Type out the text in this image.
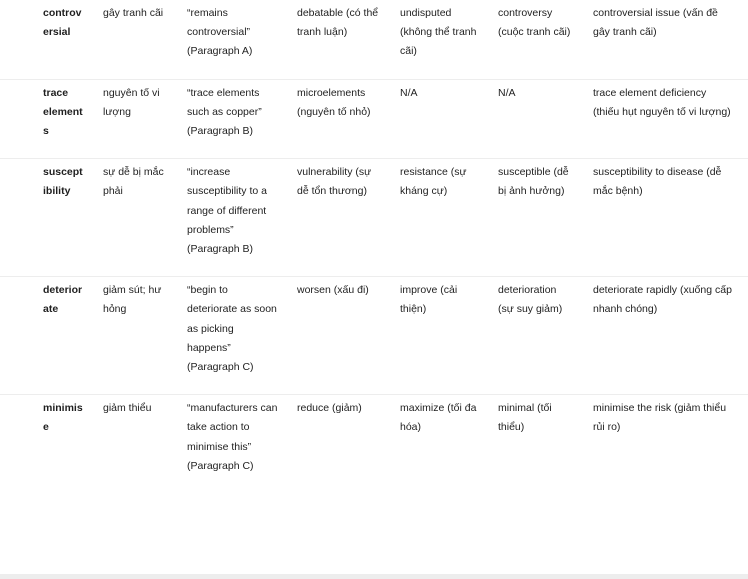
controversial	gây tranh cãi	“remains controversial” (Paragraph A)	debatable (có thể tranh luận)	undisputed (không thể tranh cãi)	controversy (cuộc tranh cãi)	controversial issue (vấn đề gây tranh cãi)
trace elements	nguyên tố vi lượng	“trace elements such as copper” (Paragraph B)	microelements (nguyên tố nhỏ)	N/A	N/A	trace element deficiency (thiếu hụt nguyên tố vi lượng)
susceptibility	sự dễ bị mắc phải	“increase susceptibility to a range of different problems” (Paragraph B)	vulnerability (sự dễ tổn thương)	resistance (sự kháng cự)	susceptible (dễ bị ảnh hưởng)	susceptibility to disease (dễ mắc bệnh)
deteriorate	giảm sút; hư hỏng	“begin to deteriorate as soon as picking happens” (Paragraph C)	worsen (xấu đi)	improve (cải thiện)	deterioration (sự suy giảm)	deteriorate rapidly (xuống cấp nhanh chóng)
minimise	giảm thiểu	“manufacturers can take action to minimise this” (Paragraph C)	reduce (giảm)	maximize (tối đa hóa)	minimal (tối thiểu)	minimise the risk (giảm thiểu rủi ro)
